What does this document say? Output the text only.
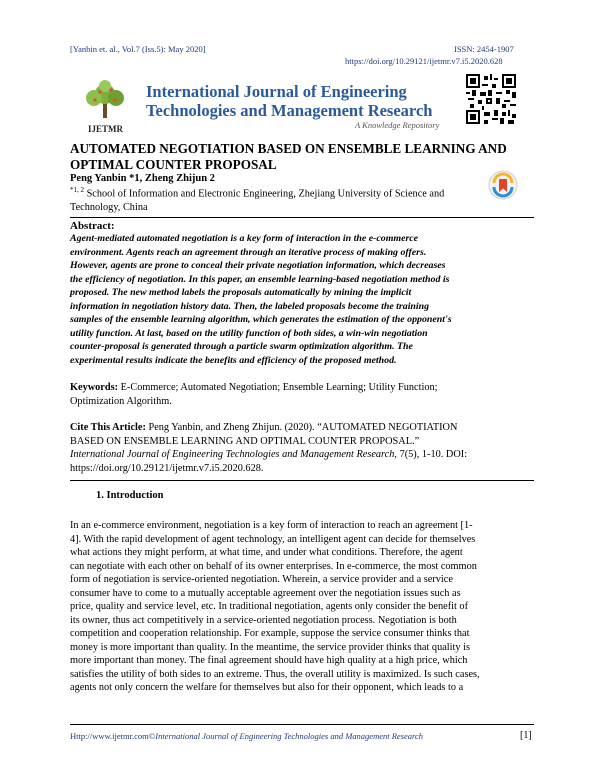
[Yanbin et. al., Vol.7 (Iss.5): May 2020]	ISSN: 2454-1907
https://doi.org/10.29121/ijetmr.v7.i5.2020.628
IJETMR
International Journal of Engineering
Technologies and Management Research
A Knowledge Repository
AUTOMATED NEGOTIATION BASED ON ENSEMBLE LEARNING AND
OPTIMAL COUNTER PROPOSAL
Peng Yanbin *1, Zheng Zhijun 2
$^{*1, 2}$ School of Information and Electronic Engineering, Zhejiang University of Science and
Technology, China
Abstract:
Agent-mediated automated negotiation is a key form of interaction in the e-commerce
environment. Agents reach an agreement through an iterative process of making offers.
However, agents are prone to conceal their private negotiation information, which decreases
the efficiency of negotiation. In this paper, an ensemble learning-based negotiation method is
proposed. The new method labels the proposals automatically by mining the implicit
information in negotiation history data. Then, the labeled proposals become the training
samples of the ensemble learning algorithm, which generates the estimation of the opponent's
utility function. At last, based on the utility function of both sides, a win-win negotiation
counter-proposal is generated through a particle swarm optimization algorithm. The
experimental results indicate the benefits and efficiency of the proposed method.
Keywords: E-Commerce; Automated Negotiation; Ensemble Learning; Utility Function;
Optimization Algorithm.
Cite This Article: Peng Yanbin, and Zheng Zhijun. (2020). “AUTOMATED NEGOTIATION
BASED ON ENSEMBLE LEARNING AND OPTIMAL COUNTER PROPOSAL.”
International Journal of Engineering Technologies and Management Research, 7(5), 1-10. DOI:
https://doi.org/10.29121/ijetmr.v7.i5.2020.628.
1. Introduction
In an e-commerce environment, negotiation is a key form of interaction to reach an agreement [1-
4]. With the rapid development of agent technology, an intelligent agent can decide for themselves
what actions they might perform, at what time, and under what conditions. Therefore, the agent
can negotiate with each other on behalf of its owner enterprises. In e-commerce, the most common
form of negotiation is service-oriented negotiation. Wherein, a service provider and a service
consumer have to come to a mutually acceptable agreement over the negotiation issues such as
price, quality and service level, etc. In traditional negotiation, agents only consider the benefit of
its owner, thus act competitively in a service-oriented negotiation process. Negotiation is both
competition and cooperation relationship. For example, suppose the service consumer thinks that
money is more important than quality. In the meantime, the service provider thinks that quality is
more important than money. The final agreement should have high quality at a high price, which
satisfies the utility of both sides to an extreme. Thus, the overall utility is maximized. Is such cases,
agents not only concern the welfare for themselves but also for their opponent, which leads to a
Http://www.ijetmr.com©International Journal of Engineering Technologies and Management Research	[1]
